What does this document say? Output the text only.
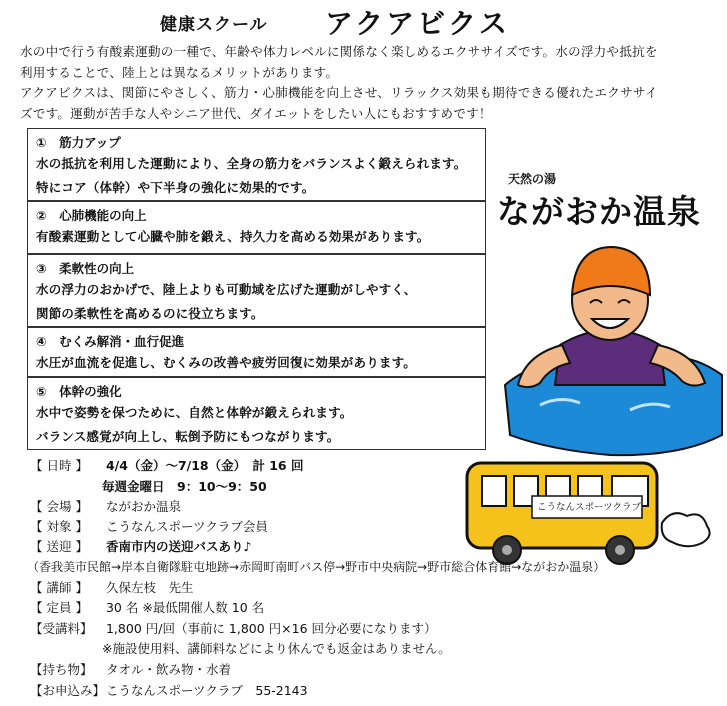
健康スクール アクアビクス

水の中で行う有酸素運動の一種で、年齢や体力レベルに関係なく楽しめるエクササイズです。水の浮力や抵抗を

利用することで、陸上とは異なるメリットがあります。

アクアビクスは、関節にやさしく、筋力・心肺機能を向上させ、リラックス効果も期待できる優れたエクササイ

ズです。運動が苦手な人やシニア世代、ダイエットをしたい人にもおすすめです！

①　筋力アップ
水の抵抗を利用した運動により、全身の筋力をバランスよく鍛えられます。
特にコア（体幹）や下半身の強化に効果的です。
②　心肺機能の向上
有酸素運動として心臓や肺を鍛え、持久力を高める効果があります。
③　柔軟性の向上
水の浮力のおかげで、陸上よりも可動域を広げた運動がしやすく、
関節の柔軟性を高めるのに役立ちます。
④　むくみ解消・血行促進
水圧が血流を促進し、むくみの改善や疲労回復に効果があります。
⑤　体幹の強化
水中で姿勢を保つために、自然と体幹が鍛えられます。
バランス感覚が向上し、転倒予防にもつながります。
天然の湯
ながおか温泉
こうなんスポーツクラブ
【 日時 】 4/4（金）～7/18（金）　計 16 回
毎週金曜日　9：10～9：50
【 会場 】 ながおか温泉
【 対象 】 こうなんスポーツクラブ会員
【 送迎 】 香南市内の送迎バスあり♪
（香我美市民館→岸本自衛隊駐屯地跡→赤岡町南町バス停→野市中央病院→野市総合体育館→ながおか温泉）
【 講師 】 久保左枝　先生
【 定員 】 30 名 ※最低開催人数 10 名
【受講料】 1,800 円/回（事前に 1,800 円×16 回分必要になります）
※施設使用料、講師料などにより休んでも返金はありません。
【持ち物】 タオル・飲み物・水着
【お申込み】 こうなんスポーツクラブ　55-2143
